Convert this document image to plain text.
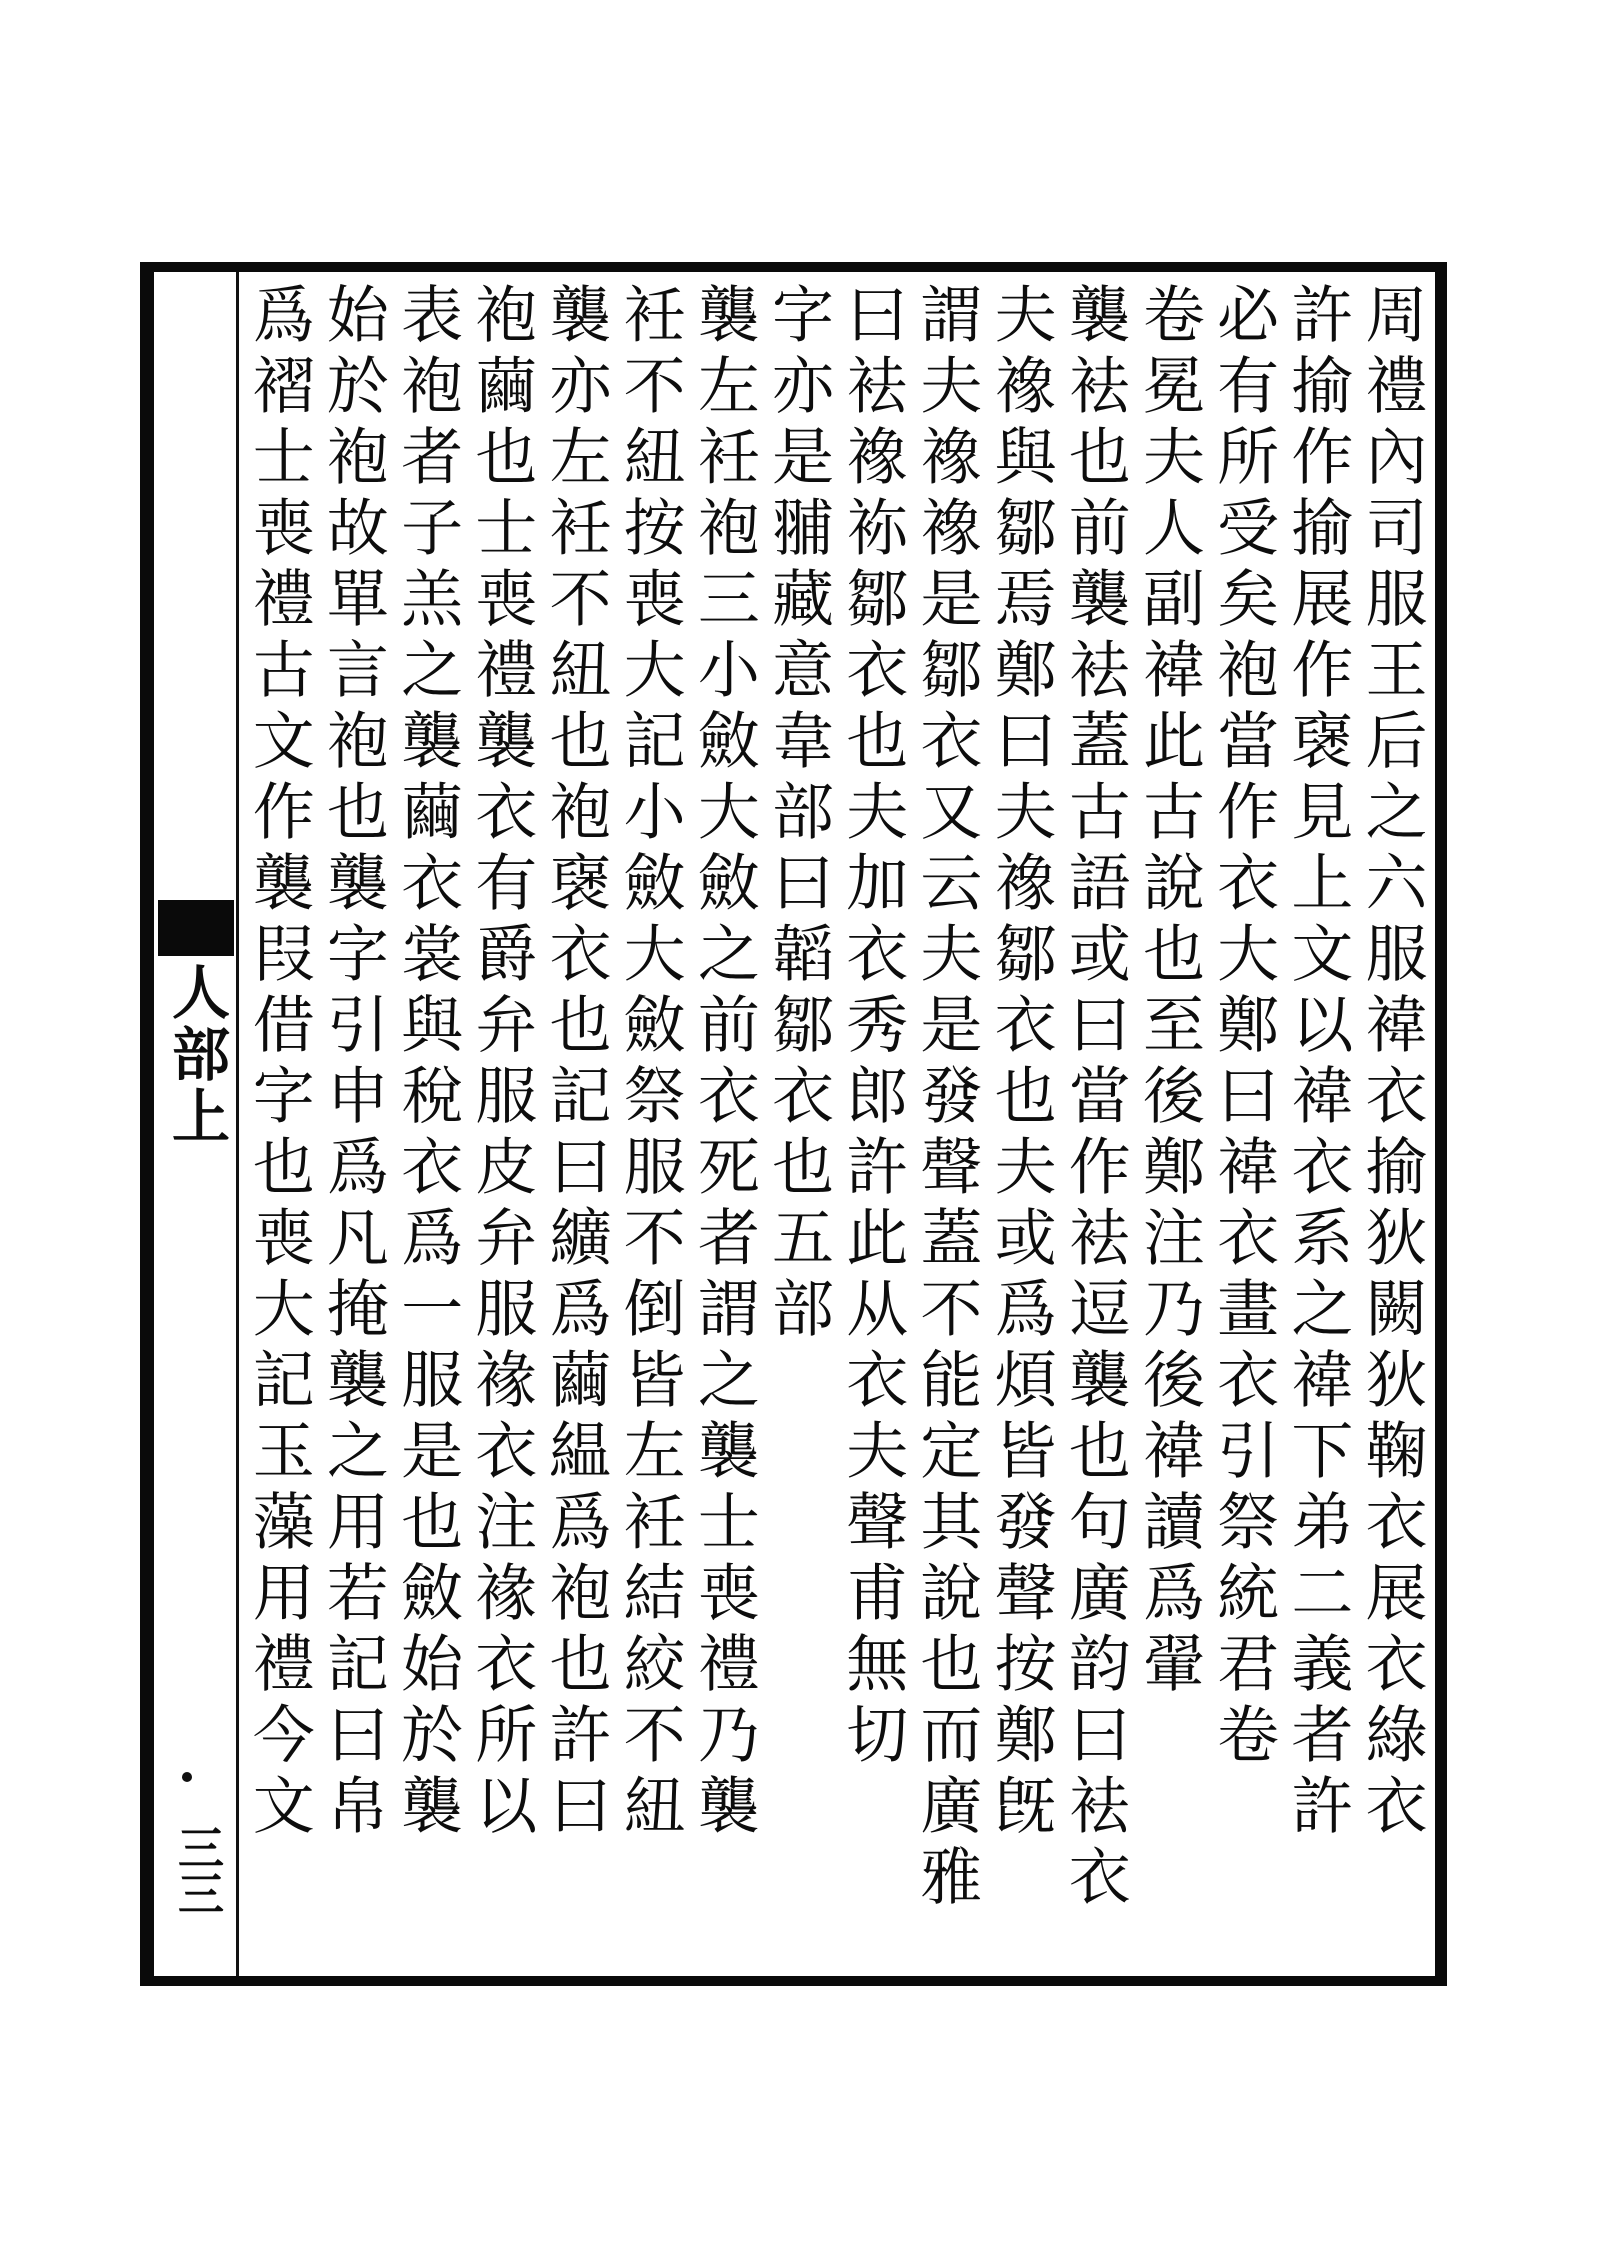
人部上
三三
周禮內司服王后之六服褘衣揄狄闕狄鞠衣展衣綠衣
許揄作揄展作襃見上文以褘衣系之褘下弟二義者許
必有所受矣袍當作衣大鄭曰褘衣畫衣引祭統君卷
卷冕夫人副褘此古說也至後鄭注乃後褘讀爲翬
襲袪也前襲袪蓋古語或曰當作袪逗襲也句廣韵曰袪衣
夫襐與鄒焉鄭曰夫襐鄒衣也夫或爲煩皆發聲按鄭旣
謂夫襐襐是鄒衣又云夫是發聲蓋不能定其說也而廣雅
曰袪襐袮鄒衣也夫加衣秀郎許此从衣夫聲甫無切
字亦是䎍藏意韋部曰韜鄒衣也五部
襲左衽袍三小斂大斂之前衣死者謂之襲士喪禮乃襲
衽不紐按喪大記小斂大斂祭服不倒皆左衽結絞不紐
襲亦左衽不紐也袍襃衣也記曰纊爲繭緼爲袍也許曰
袍繭也士喪禮襲衣有爵弁服皮弁服褖衣注褖衣所以
表袍者子羔之襲繭衣裳與稅衣爲一服是也斂始於襲
始於袍故單言袍也襲字引申爲凡掩襲之用若記曰帛
爲褶士喪禮古文作襲叚借字也喪大記玉藻用禮今文
